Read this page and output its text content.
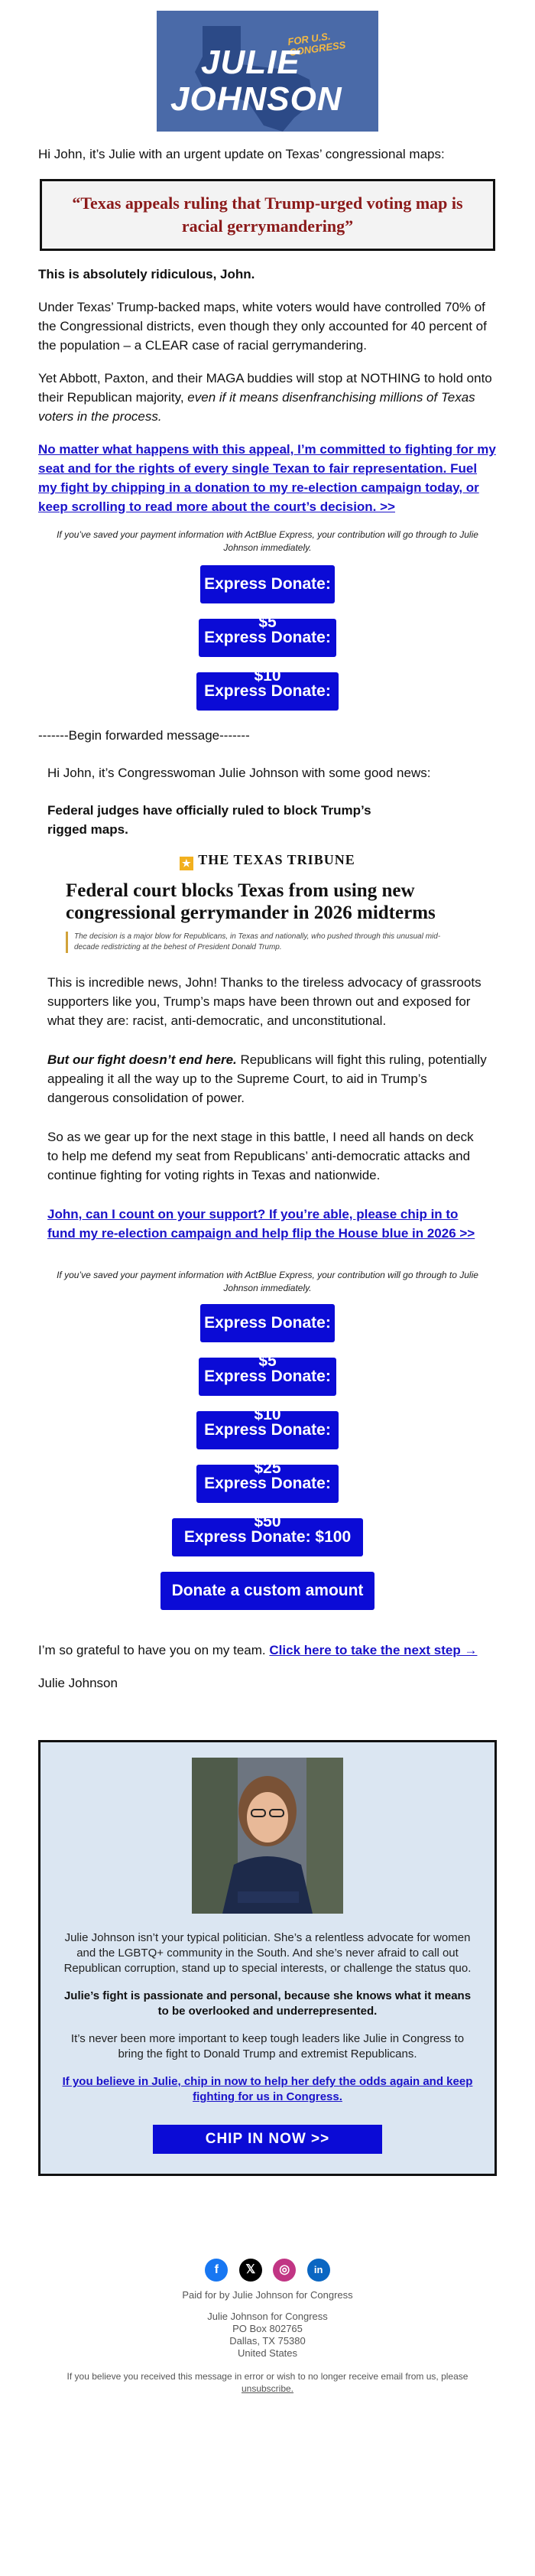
FOR U.S. CONGRESS
JULIE
JOHNSON

Hi John, it’s Julie with an urgent update on Texas’ congressional maps:

“Texas appeals ruling that Trump-urged voting map is racial gerrymandering”

This is absolutely ridiculous, John.

Under Texas’ Trump-backed maps, white voters would have controlled 70% of the Congressional districts, even though they only accounted for 40 percent of the population – a CLEAR case of racial gerrymandering.

Yet Abbott, Paxton, and their MAGA buddies will stop at NOTHING to hold onto their Republican majority, even if it means disenfranchising millions of Texas voters in the process.

No matter what happens with this appeal, I’m committed to fighting for my seat and for the rights of every single Texan to fair representation. Fuel my fight by chipping in a donation to my re-election campaign today, or keep scrolling to read more about the court’s decision. >>

If you’ve saved your payment information with ActBlue Express, your contribution will go through to Julie Johnson immediately.

Express Donate:
Express Donate:
Express Donate: $25

-------Begin forwarded message-------

Hi John, it’s Congresswoman Julie Johnson with some good news:

Federal judges have officially ruled to block Trump’s rigged maps.

★ THE TEXAS TRIBUNE
Federal court blocks Texas from using new congressional gerrymander in 2026 midterms
The decision is a major blow for Republicans, in Texas and nationally, who pushed through this unusual mid-decade redistricting at the behest of President Donald Trump.

This is incredible news, John! Thanks to the tireless advocacy of grassroots supporters like you, Trump’s maps have been thrown out and exposed for what they are: racist, anti-democratic, and unconstitutional.

But our fight doesn’t end here. Republicans will fight this ruling, potentially appealing it all the way up to the Supreme Court, to aid in Trump’s dangerous consolidation of power.

So as we gear up for the next stage in this battle, I need all hands on deck to help me defend my seat from Republicans’ anti-democratic attacks and continue fighting for voting rights in Texas and nationwide.

John, can I count on your support? If you’re able, please chip in to fund my re-election campaign and help flip the House blue in 2026 >>

If you’ve saved your payment information with ActBlue Express, your contribution will go through to Julie Johnson immediately.

Express Donate:
Express Donate:
Express Donate:
Express Donate:
Express Donate: $100
Donate a custom amount

I’m so grateful to have you on my team. Click here to take the next step →

Julie Johnson

Julie Johnson isn’t your typical politician. She’s a relentless advocate for women and the LGBTQ+ community in the South. And she’s never afraid to call out Republican corruption, stand up to special interests, or challenge the status quo.

Julie’s fight is passionate and personal, because she knows what it means to be overlooked and underrepresented.

It’s never been more important to keep tough leaders like Julie in Congress to bring the fight to Donald Trump and extremist Republicans.

If you believe in Julie, chip in now to help her defy the odds again and keep fighting for us in Congress.

CHIP IN NOW >>
f 𝕏 ◎ in

Paid for by Julie Johnson for Congress

Julie Johnson for Congress

PO Box 802765

Dallas, TX 75380

United States

If you believe you received this message in error or wish to no longer receive email from us, please unsubscribe.
